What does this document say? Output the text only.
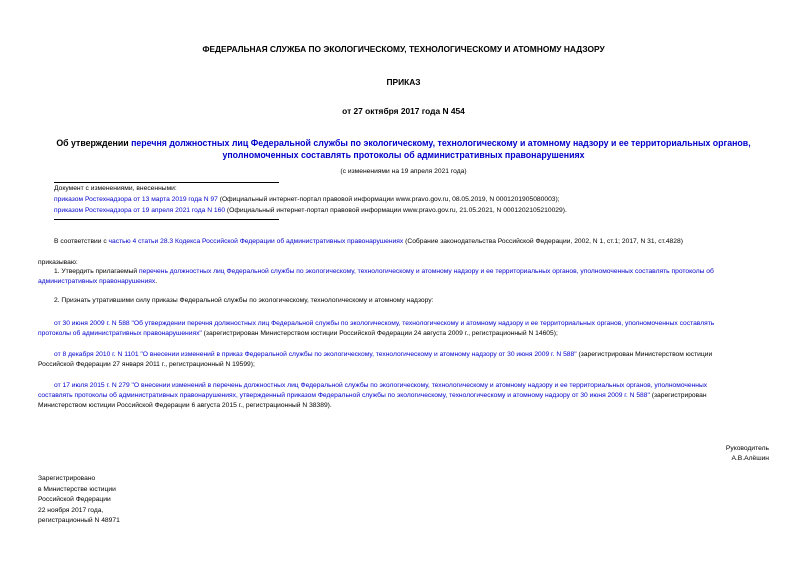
ФЕДЕРАЛЬНАЯ СЛУЖБА ПО ЭКОЛОГИЧЕСКОМУ, ТЕХНОЛОГИЧЕСКОМУ И АТОМНОМУ НАДЗОРУ
ПРИКАЗ
от 27 октября 2017 года N 454
Об утверждении перечня должностных лиц Федеральной службы по экологическому, технологическому и атомному надзору и ее территориальных органов,
уполномоченных составлять протоколы об административных правонарушениях
(с изменениями на 19 апреля 2021 года)
Документ с изменениями, внесенными:
приказом Ростехнадзора от 13 марта 2019 года N 97 (Официальный интернет-портал правовой информации www.pravo.gov.ru, 08.05.2019, N 0001201905080003);
приказом Ростехнадзора от 19 апреля 2021 года N 160 (Официальный интернет-портал правовой информации www.pravo.gov.ru, 21.05.2021, N 0001202105210029).
В соответствии с частью 4 статьи 28.3 Кодекса Российской Федерации об административных правонарушениях (Собрание законодательства Российской Федерации, 2002, N 1, ст.1; 2017, N 31, ст.4828)
приказываю:
1. Утвердить прилагаемый перечень должностных лиц Федеральной службы по экологическому, технологическому и атомному надзору и ее территориальных органов, уполномоченных составлять протоколы об
административных правонарушениях.
2. Признать утратившими силу приказы Федеральной службы по экологическому, технологическому и атомному надзору:
от 30 июня 2009 г. N 588 "Об утверждении перечня должностных лиц Федеральной службы по экологическому, технологическому и атомному надзору и ее территориальных органов, уполномоченных составлять
протоколы об административных правонарушениях" (зарегистрирован Министерством юстиции Российской Федерации 24 августа 2009 г., регистрационный N 14605);
от 8 декабря 2010 г. N 1101 "О внесении изменений в приказ Федеральной службы по экологическому, технологическому и атомному надзору от 30 июня 2009 г. N 588" (зарегистрирован Министерством юстиции
Российской Федерации 27 января 2011 г., регистрационный N 19599);
от 17 июля 2015 г. N 279 "О внесении изменений в перечень должностных лиц Федеральной службы по экологическому, технологическому и атомному надзору и ее территориальных органов, уполномоченных
составлять протоколы об административных правонарушениях, утвержденный приказом Федеральной службы по экологическому, технологическому и атомному надзору от 30 июня 2009 г. N 588" (зарегистрирован
Министерством юстиции Российской Федерации 6 августа 2015 г., регистрационный N 38389).
Руководитель
А.В.Алёшин
Зарегистрировано
в Министерстве юстиции
Российской Федерации
22 ноября 2017 года,
регистрационный N 48971
